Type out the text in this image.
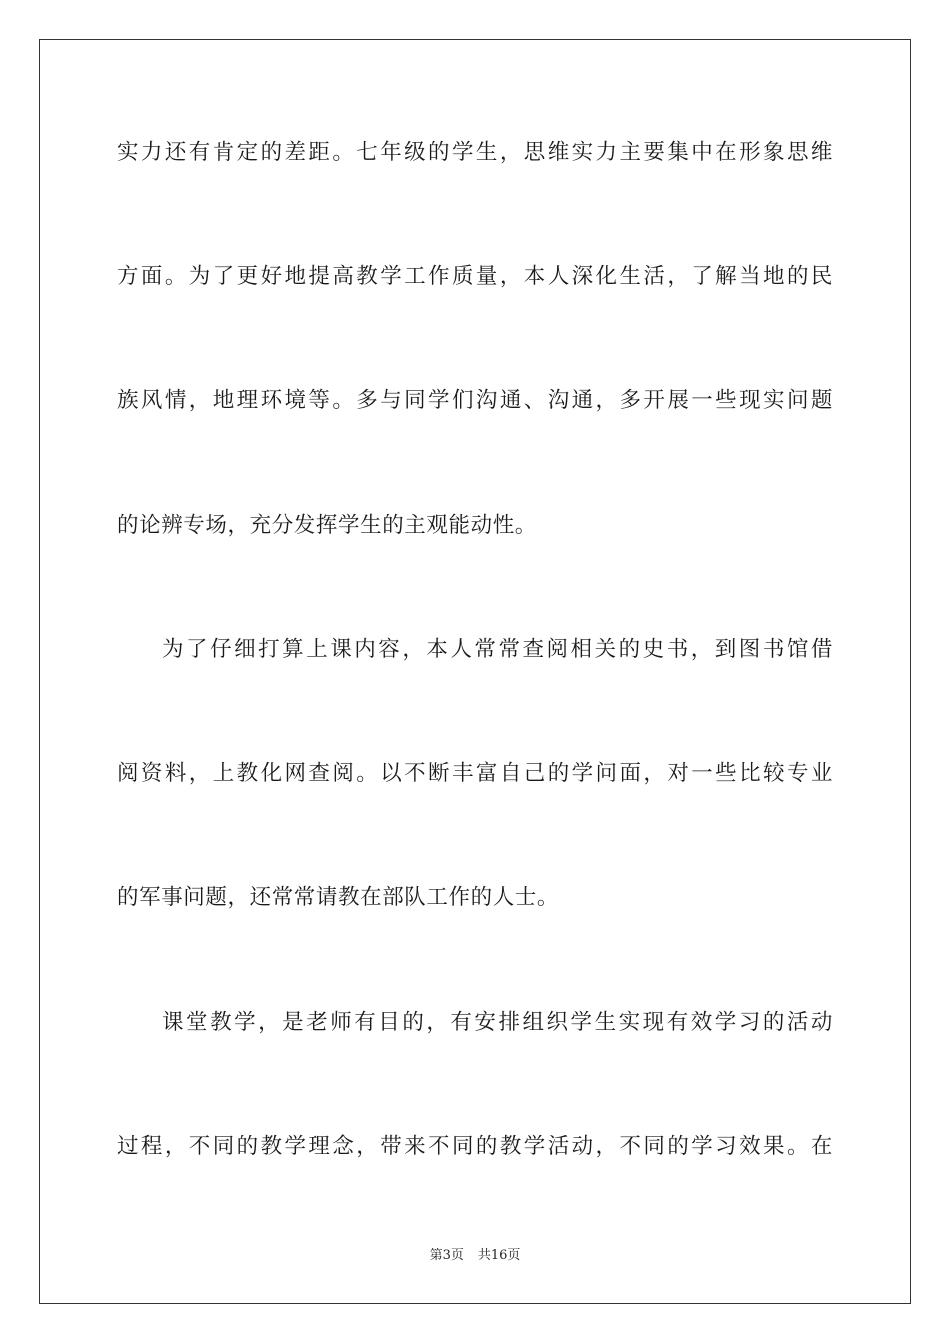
实力还有肯定的差距。七年级的学生，思维实力主要集中在形象思维
方面。为了更好地提高教学工作质量，本人深化生活，了解当地的民
族风情，地理环境等。多与同学们沟通、沟通，多开展一些现实问题
的论辨专场，充分发挥学生的主观能动性。
为了仔细打算上课内容，本人常常查阅相关的史书，到图书馆借
阅资料，上教化网查阅。以不断丰富自己的学问面，对一些比较专业
的军事问题，还常常请教在部队工作的人士。
课堂教学，是老师有目的，有安排组织学生实现有效学习的活动
过程，不同的教学理念，带来不同的教学活动，不同的学习效果。在
第3页 共16页
